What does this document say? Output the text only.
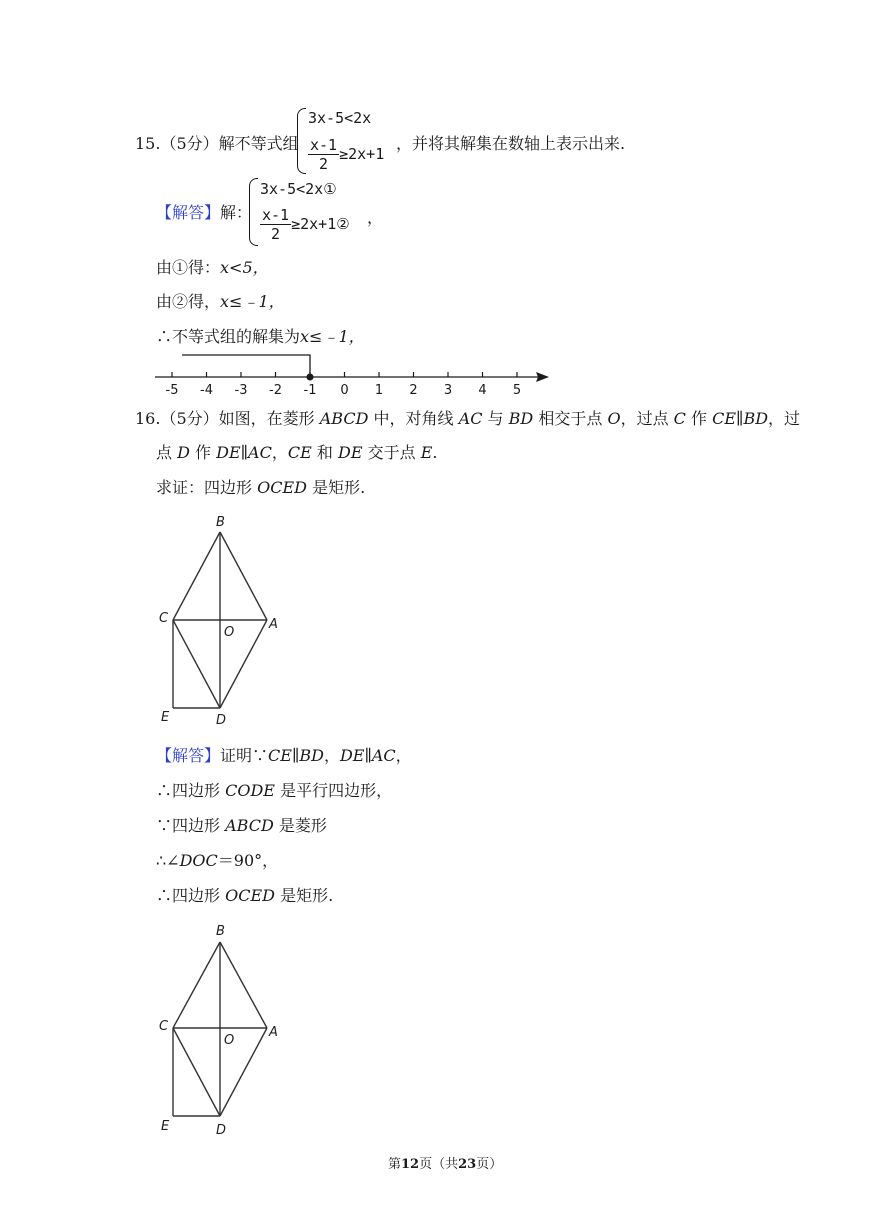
15.（5分）解不等式组
3x-5<2x
$\frac{x-1}{2} \ge 2x+1$
，并将其解集在数轴上表示出来.
【解答】解：
3x-5<2x①
$\frac{x-1}{2}$ ≥2x+1② ，
由①得：x<5，
由②得，x≤﹣1，
∴不等式组的解集为x≤﹣1，
-5 -4 -3 -2 -1 0 1 2 3 4 5
16.（5分）如图，在菱形 ABCD 中，对角线 AC 与 BD 相交于点 O，过点 C 作 CE∥BD，过
点 D 作 DE∥AC，CE 和 DE 交于点 E.
求证：四边形 OCED 是矩形.
B
C
O
A
E	D
【解答】证明∵CE∥BD，DE∥AC，
∴四边形 CODE 是平行四边形，
∵四边形 ABCD 是菱形
∴∠DOC＝90°，
∴四边形 OCED 是矩形.
B
C
O
A
E	D
第12页（共23页）
